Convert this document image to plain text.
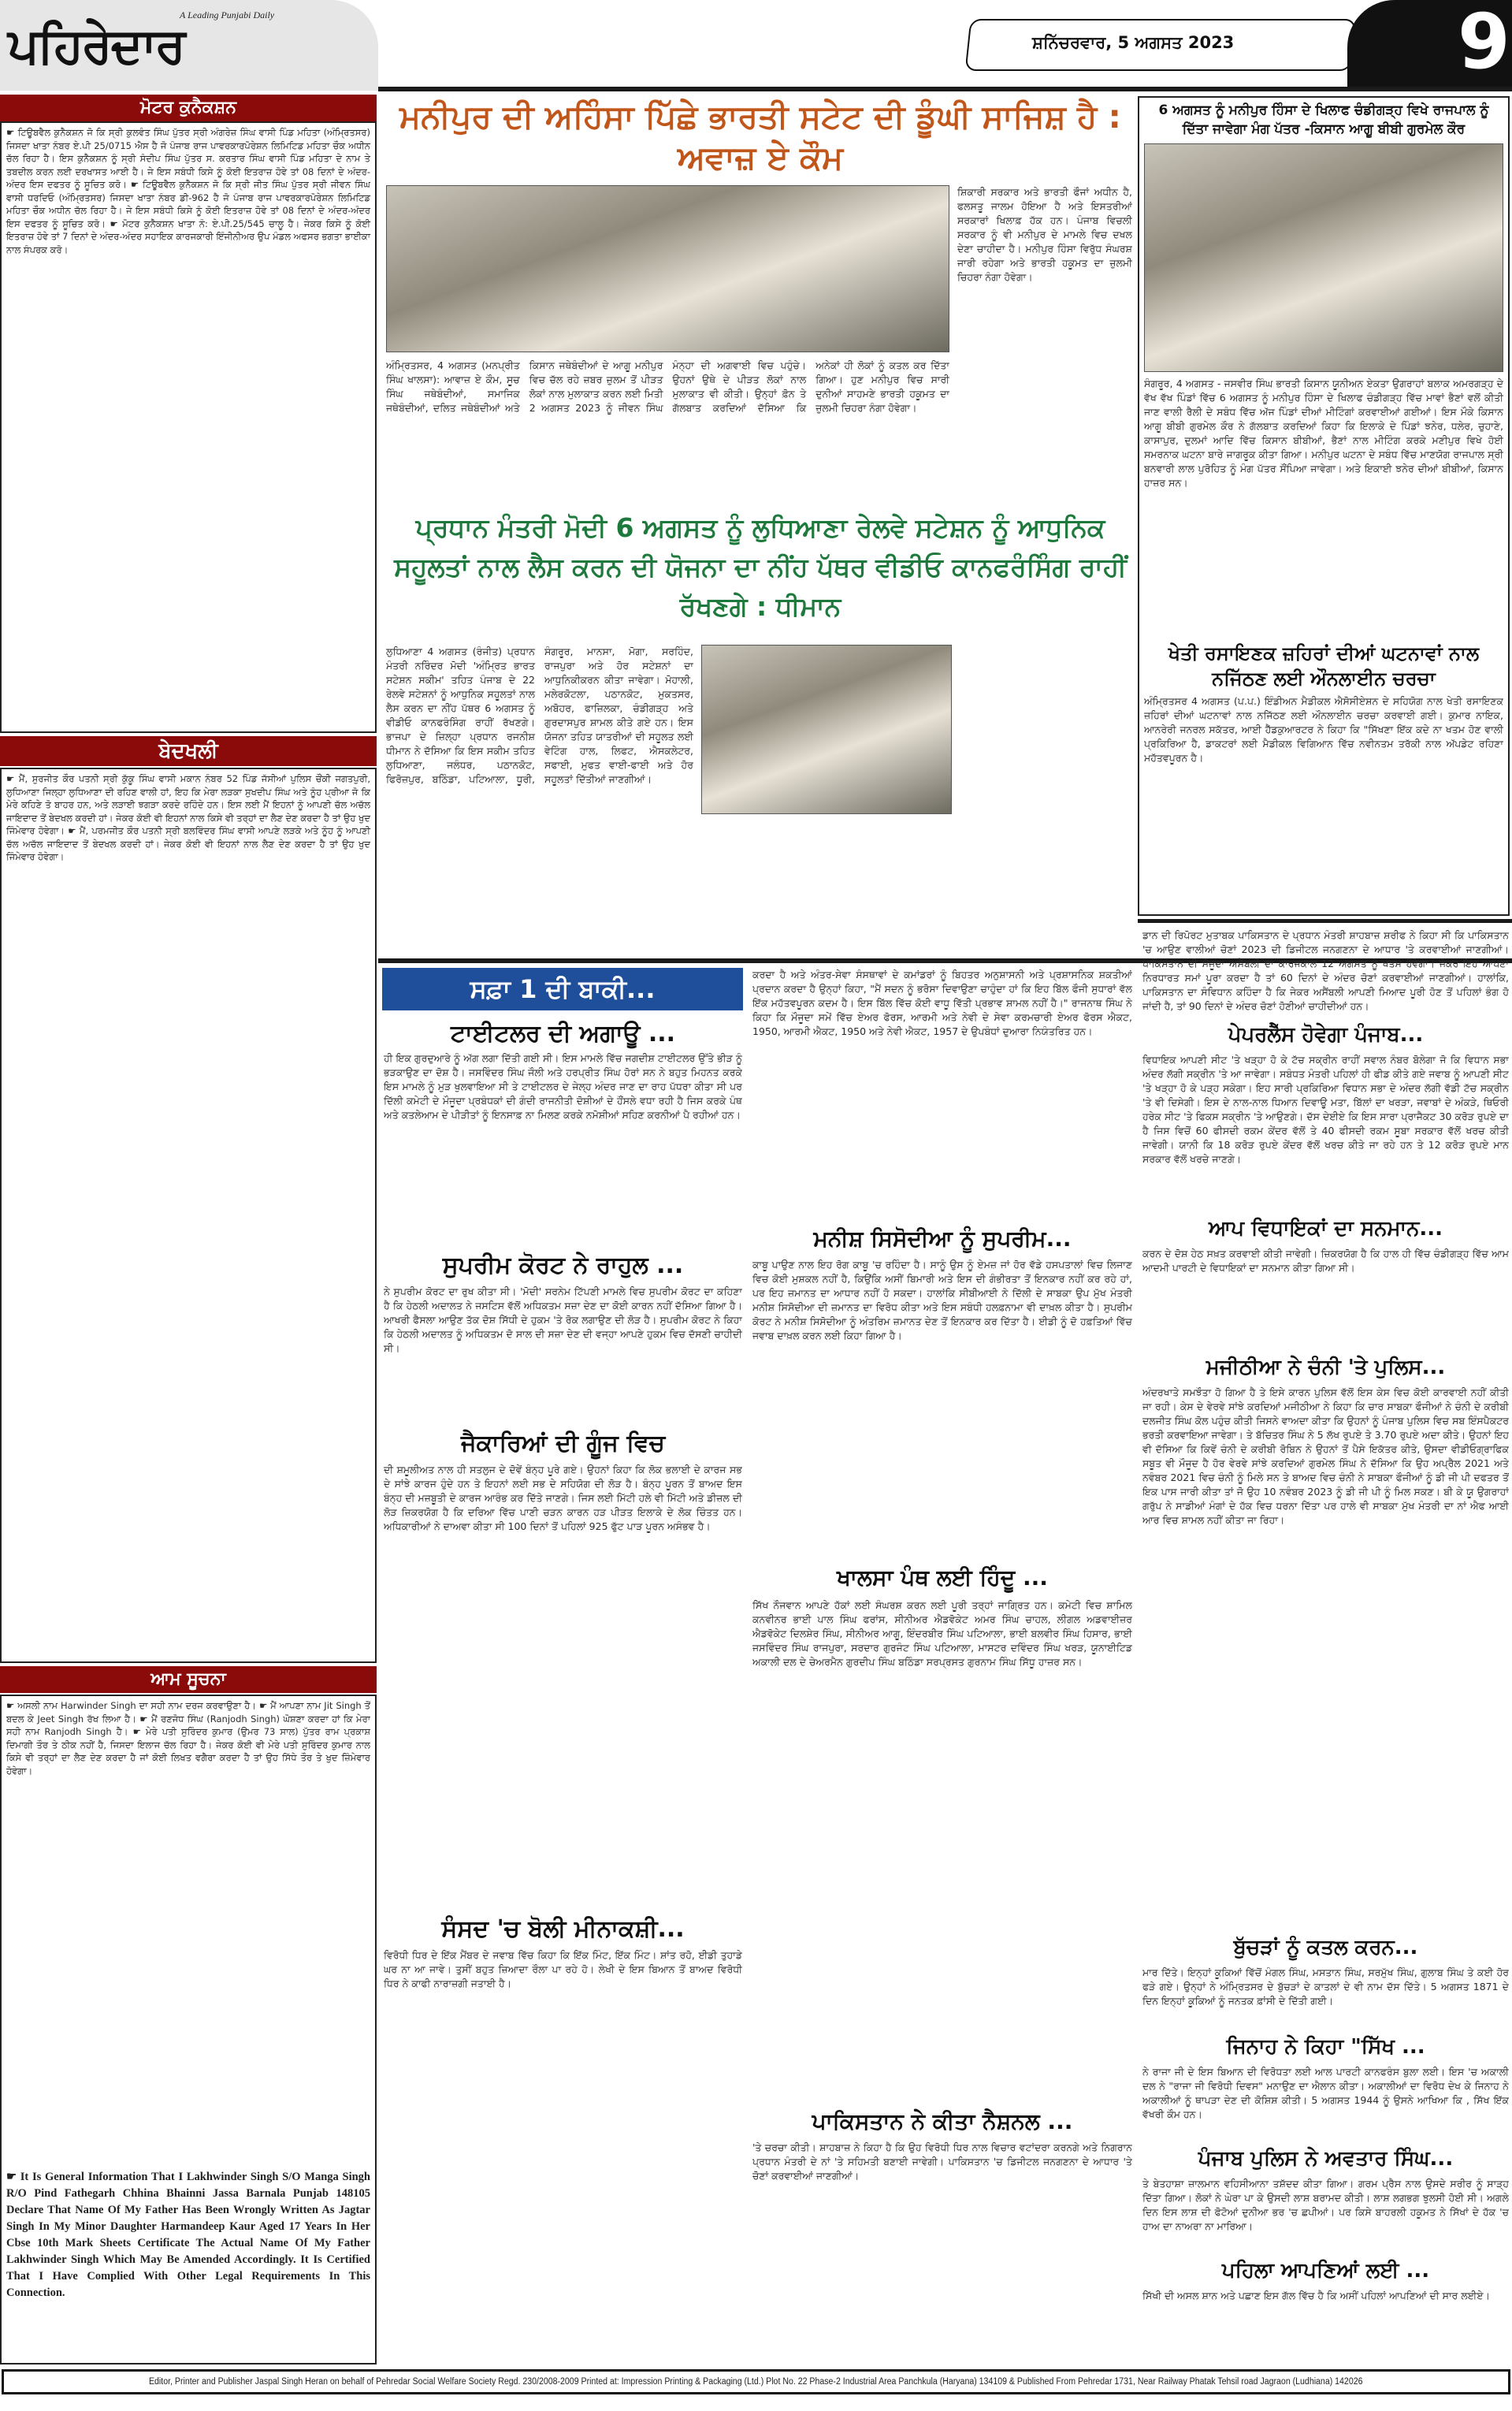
ਪਹਿਰੇਦਾਰ
A Leading Punjabi Daily
ਸ਼ਨਿੱਚਰਵਾਰ, 5 ਅਗਸਤ 2023	9
ਮੋਟਰ ਕੁਨੈਕਸ਼ਨ
☛ ਟਿਊਬਵੈਲ ਕੁਨੈਕਸ਼ਨ ਜੋ ਕਿ ਸ੍ਰੀ ਕੁਲਵੰਤ ਸਿੰਘ ਪੁੱਤਰ ਸ੍ਰੀ ਅੰਗਰੇਜ਼ ਸਿੰਘ ਵਾਸੀ ਪਿੰਡ ਮਹਿਤਾ (ਅੰਮ੍ਰਿਤਸਰ) ਜਿਸਦਾ ਖਾਤਾ ਨੰਬਰ ਏ.ਪੀ 25/0715 ਐਸ ਹੈ ਜੋ ਪੰਜਾਬ ਰਾਜ ਪਾਵਰਕਾਰਪੋਰੇਸ਼ਨ ਲਿਮਿਟਿਡ ਮਹਿਤਾ ਚੌਕ ਅਧੀਨ ਚੱਲ ਰਿਹਾ ਹੈ। ਇਸ ਕੁਨੈਕਸ਼ਨ ਨੂੰ ਸ੍ਰੀ ਸੰਦੀਪ ਸਿੰਘ ਪੁੱਤਰ ਸ. ਕਰਤਾਰ ਸਿੰਘ ਵਾਸੀ ਪਿੰਡ ਮਹਿਤਾ ਦੇ ਨਾਮ ਤੇ ਤਬਦੀਲ ਕਰਨ ਲਈ ਦਰਖਾਸਤ ਆਈ ਹੈ। ਜੇ ਇਸ ਸਬੰਧੀ ਕਿਸੇ ਨੂੰ ਕੋਈ ਇਤਰਾਜ਼ ਹੋਵੇ ਤਾਂ 08 ਦਿਨਾਂ ਦੇ ਅੰਦਰ-ਅੰਦਰ ਇਸ ਦਫਤਰ ਨੂੰ ਸੂਚਿਤ ਕਰੋ। ☛ ਟਿਊਬਵੈਲ ਕੁਨੈਕਸ਼ਨ ਜੋ ਕਿ ਸ੍ਰੀ ਜੀਤ ਸਿੰਘ ਪੁੱਤਰ ਸ੍ਰੀ ਜੀਵਨ ਸਿੰਘ ਵਾਸੀ ਧਰਦਿਓ (ਅੰਮ੍ਰਿਤਸਰ) ਜਿਸਦਾ ਖਾਤਾ ਨੰਬਰ ਡੀ-962 ਹੈ ਜੋ ਪੰਜਾਬ ਰਾਜ ਪਾਵਰਕਾਰਪੋਰੇਸ਼ਨ ਲਿਮਿਟਿਡ ਮਹਿਤਾ ਚੌਕ ਅਧੀਨ ਚੱਲ ਰਿਹਾ ਹੈ। ਜੇ ਇਸ ਸਬੰਧੀ ਕਿਸੇ ਨੂੰ ਕੋਈ ਇਤਰਾਜ਼ ਹੋਵੇ ਤਾਂ 08 ਦਿਨਾਂ ਦੇ ਅੰਦਰ-ਅੰਦਰ ਇਸ ਦਫਤਰ ਨੂੰ ਸੂਚਿਤ ਕਰੋ। ☛ ਮੋਟਰ ਕੁਨੈਕਸ਼ਨ ਖਾਤਾ ਨੰ: ਏ.ਪੀ.25/545 ਚਾਲੂ ਹੈ। ਜੇਕਰ ਕਿਸੇ ਨੂੰ ਕੋਈ ਇਤਰਾਜ਼ ਹੋਵੇ ਤਾਂ 7 ਦਿਨਾਂ ਦੇ ਅੰਦਰ-ਅੰਦਰ ਸਹਾਇਕ ਕਾਰਜਕਾਰੀ ਇੰਜੀਨੀਅਰ ਉਪ ਮੰਡਲ ਅਫਸਰ ਭਗਤਾ ਭਾਈਕਾ ਨਾਲ ਸੰਪਰਕ ਕਰੋ।
ਬੇਦਖਲੀ
☛ ਮੈਂ, ਸੁਰਜੀਤ ਕੌਰ ਪਤਨੀ ਸ੍ਰੀ ਕੁੱਕੂ ਸਿੰਘ ਵਾਸੀ ਮਕਾਨ ਨੰਬਰ 52 ਪਿੰਡ ਜੱਸੀਆਂ ਪੁਲਿਸ ਚੌਂਕੀ ਜਗਤਪੁਰੀ, ਲੁਧਿਆਣਾ ਜਿਲ੍ਹਾ ਲੁਧਿਆਣਾ ਦੀ ਰਹਿਣ ਵਾਲੀ ਹਾਂ, ਇਹ ਕਿ ਮੇਰਾ ਲੜਕਾ ਸੁਖਦੀਪ ਸਿੰਘ ਅਤੇ ਨੂੰਹ ਪ੍ਰੀਆ ਜੋ ਕਿ ਮੇਰੇ ਕਹਿਣੇ ਤੋ ਬਾਹਰ ਹਨ, ਅਤੇ ਲੜਾਈ ਝਗੜਾ ਕਰਦੇ ਰਹਿੰਦੇ ਹਨ। ਇਸ ਲਈ ਮੈਂ ਇਹਨਾਂ ਨੂੰ ਆਪਣੀ ਚੱਲ ਅਚੱਲ ਜਾਇਦਾਦ ਤੋਂ ਬੇਦਖਲ ਕਰਦੀ ਹਾਂ। ਜੇਕਰ ਕੋਈ ਵੀ ਇਹਨਾਂ ਨਾਲ ਕਿਸੇ ਵੀ ਤਰ੍ਹਾਂ ਦਾ ਲੈਣ ਦੇਣ ਕਰਦਾ ਹੈ ਤਾਂ ਉਹ ਖੁਦ ਜਿੰਮੇਵਾਰ ਹੋਵੇਗਾ। ☛ ਮੈਂ, ਪਰਮਜੀਤ ਕੌਰ ਪਤਨੀ ਸ੍ਰੀ ਬਲਵਿੰਦਰ ਸਿੰਘ ਵਾਸੀ ਆਪਣੇ ਲੜਕੇ ਅਤੇ ਨੂੰਹ ਨੂੰ ਆਪਣੀ ਚੱਲ ਅਚੱਲ ਜਾਇਦਾਦ ਤੋਂ ਬੇਦਖਲ ਕਰਦੀ ਹਾਂ। ਜੇਕਰ ਕੋਈ ਵੀ ਇਹਨਾਂ ਨਾਲ ਲੈਣ ਦੇਣ ਕਰਦਾ ਹੈ ਤਾਂ ਉਹ ਖੁਦ ਜਿੰਮੇਵਾਰ ਹੋਵੇਗਾ।
ਆਮ ਸੂਚਨਾ
☛ ਅਸਲੀ ਨਾਮ Harwinder Singh ਦਾ ਸਹੀ ਨਾਮ ਦਰਜ ਕਰਵਾਉਣਾ ਹੈ। ☛ ਮੈਂ ਆਪਣਾ ਨਾਮ Jit Singh ਤੋਂ ਬਦਲ ਕੇ Jeet Singh ਰੱਖ ਲਿਆ ਹੈ। ☛ ਮੈਂ ਰਣਜੋਧ ਸਿੰਘ (Ranjodh Singh) ਘੋਸ਼ਣਾ ਕਰਦਾ ਹਾਂ ਕਿ ਮੇਰਾ ਸਹੀ ਨਾਮ Ranjodh Singh ਹੈ। ☛ ਮੇਰੇ ਪਤੀ ਸੁਰਿੰਦਰ ਕੁਮਾਰ (ਉਮਰ 73 ਸਾਲ) ਪੁੱਤਰ ਰਾਮ ਪ੍ਰਕਾਸ਼ ਦਿਮਾਗੀ ਤੌਰ ਤੇ ਠੀਕ ਨਹੀਂ ਹੈ, ਜਿਸਦਾ ਇਲਾਜ ਚੱਲ ਰਿਹਾ ਹੈ। ਜੇਕਰ ਕੋਈ ਵੀ ਮੇਰੇ ਪਤੀ ਸੁਰਿੰਦਰ ਕੁਮਾਰ ਨਾਲ ਕਿਸੇ ਵੀ ਤਰ੍ਹਾਂ ਦਾ ਲੈਣ ਦੇਣ ਕਰਦਾ ਹੈ ਜਾਂ ਕੋਈ ਲਿਖਤ ਵਗੈਰਾ ਕਰਦਾ ਹੈ ਤਾਂ ਉਹ ਸਿੱਧੇ ਤੌਰ ਤੇ ਖੁਦ ਜ਼ਿੰਮੇਵਾਰ ਹੋਵੇਗਾ।
☛ It Is General Information That I Lakhwinder Singh S/O Manga Singh R/O Pind Fathegarh Chhina Bhainni Jassa Barnala Punjab 148105 Declare That Name Of My Father Has Been Wrongly Written As Jagtar Singh In My Minor Daughter Harmandeep Kaur Aged 17 Years In Her Cbse 10th Mark Sheets Certificate The Actual Name Of My Father Lakhwinder Singh Which May Be Amended Accordingly. It Is Certified That I Have Complied With Other Legal Requirements In This Connection.
ਮਨੀਪੁਰ ਦੀ ਅਹਿੰਸਾ ਪਿੱਛੇ ਭਾਰਤੀ ਸਟੇਟ ਦੀ ਡੂੰਘੀ ਸਾਜਿਸ਼ ਹੈ : ਅਵਾਜ਼ ਏ ਕੌਮ
ਅੰਮ੍ਰਿਤਸਰ, 4 ਅਗਸਤ (ਮਨਪ੍ਰੀਤ ਸਿੰਘ ਖਾਲਸਾ): ਆਵਾਜ਼ ਏ ਕੌਮ, ਸੂਚ ਸਿੰਘ ਜਥੇਬੰਦੀਆਂ, ਸਮਾਜਿਕ ਜਥੇਬੰਦੀਆਂ, ਦਲਿਤ ਜਥੇਬੰਦੀਆਂ ਅਤੇ ਕਿਸਾਨ ਜਥੇਬੰਦੀਆਂ ਦੇ ਆਗੂ ਮਨੀਪੁਰ ਵਿਚ ਚੱਲ ਰਹੇ ਜ਼ਬਰ ਜ਼ੁਲਮ ਤੋਂ ਪੀੜਤ ਲੋਕਾਂ ਨਾਲ ਮੁਲਾਕਾਤ ਕਰਨ ਲਈ ਮਿਤੀ 2 ਅਗਸਤ 2023 ਨੂੰ ਜੀਵਨ ਸਿੰਘ ਮੰਨ੍ਹਾ ਦੀ ਅਗਵਾਈ ਵਿਚ ਪਹੁੰਚੇ। ਉਹਨਾਂ ਉਥੇ ਦੇ ਪੀੜਤ ਲੋਕਾਂ ਨਾਲ ਮੁਲਾਕਾਤ ਵੀ ਕੀਤੀ। ਉਨ੍ਹਾਂ ਫ਼ੋਨ ਤੇ ਗੱਲਬਾਤ ਕਰਦਿਆਂ ਦੱਸਿਆ ਕਿ ਅਨੇਕਾਂ ਹੀ ਲੋਕਾਂ ਨੂੰ ਕਤਲ ਕਰ ਦਿੱਤਾ ਗਿਆ। ਹੁਣ ਮਨੀਪੁਰ ਵਿਚ ਸਾਰੀ ਦੁਨੀਆਂ ਸਾਹਮਣੇ ਭਾਰਤੀ ਹਕੂਮਤ ਦਾ ਜ਼ੁਲਮੀ ਚਿਹਰਾ ਨੰਗਾ ਹੋਵੇਗਾ।
ਸ਼ਿਕਾਰੀ ਸਰਕਾਰ ਅਤੇ ਭਾਰਤੀ ਫੌਜਾਂ ਅਧੀਨ ਹੈ, ਫਲਸਤੂ ਜਾਲਮ ਹੋਇਆ ਹੈ ਅਤੇ ਇਸਤਰੀਆਂ ਸਰਕਾਰਾਂ ਖਿਲਾਫ਼ ਹੱਕ ਹਨ। ਪੰਜਾਬ ਵਿਚਲੀ ਸਰਕਾਰ ਨੂੰ ਵੀ ਮਨੀਪੁਰ ਦੇ ਮਾਮਲੇ ਵਿਚ ਦਖਲ ਦੇਣਾ ਚਾਹੀਦਾ ਹੈ। ਮਨੀਪੁਰ ਹਿੰਸਾ ਵਿਰੁੱਧ ਸੰਘਰਸ਼ ਜਾਰੀ ਰਹੇਗਾ ਅਤੇ ਭਾਰਤੀ ਹਕੂਮਤ ਦਾ ਜ਼ੁਲਮੀ ਚਿਹਰਾ ਨੰਗਾ ਹੋਵੇਗਾ।
ਪ੍ਰਧਾਨ ਮੰਤਰੀ ਮੋਦੀ 6 ਅਗਸਤ ਨੂੰ ਲੁਧਿਆਣਾ ਰੇਲਵੇ ਸਟੇਸ਼ਨ ਨੂੰ ਆਧੁਨਿਕ ਸਹੂਲਤਾਂ ਨਾਲ ਲੈਸ ਕਰਨ ਦੀ ਯੋਜਨਾ ਦਾ ਨੀਂਹ ਪੱਥਰ ਵੀਡੀਓ ਕਾਨਫਰੰਸਿੰਗ ਰਾਹੀਂ ਰੱਖਣਗੇ : ਧੀਮਾਨ
ਲੁਧਿਆਣਾ 4 ਅਗਸਤ (ਰੰਜੀਤ) ਪ੍ਰਧਾਨ ਮੰਤਰੀ ਨਰਿੰਦਰ ਮੋਦੀ 'ਅੰਮ੍ਰਿਤ ਭਾਰਤ ਸਟੇਸ਼ਨ ਸਕੀਮ' ਤਹਿਤ ਪੰਜਾਬ ਦੇ 22 ਰੇਲਵੇ ਸਟੇਸ਼ਨਾਂ ਨੂੰ ਆਧੁਨਿਕ ਸਹੂਲਤਾਂ ਨਾਲ ਲੈਸ ਕਰਨ ਦਾ ਨੀਂਹ ਪੱਥਰ 6 ਅਗਸਤ ਨੂੰ ਵੀਡੀਓ ਕਾਨਫਰੰਸਿੰਗ ਰਾਹੀਂ ਰੱਖਣਗੇ। ਭਾਜਪਾ ਦੇ ਜ਼ਿਲ੍ਹਾ ਪ੍ਰਧਾਨ ਰਜਨੀਸ਼ ਧੀਮਾਨ ਨੇ ਦੱਸਿਆ ਕਿ ਇਸ ਸਕੀਮ ਤਹਿਤ ਲੁਧਿਆਣਾ, ਜਲੰਧਰ, ਪਠਾਨਕੋਟ, ਫਿਰੋਜ਼ਪੁਰ, ਬਠਿੰਡਾ, ਪਟਿਆਲਾ, ਧੂਰੀ, ਸੰਗਰੂਰ, ਮਾਨਸਾ, ਮੋਗਾ, ਸਰਹਿੰਦ, ਰਾਜਪੁਰਾ ਅਤੇ ਹੋਰ ਸਟੇਸ਼ਨਾਂ ਦਾ ਆਧੁਨਿਕੀਕਰਨ ਕੀਤਾ ਜਾਵੇਗਾ। ਮੋਹਾਲੀ, ਮਲੇਰਕੋਟਲਾ, ਪਠਾਨਕੋਟ, ਮੁਕਤਸਰ, ਅਬੋਹਰ, ਫਾਜ਼ਿਲਕਾ, ਚੰਡੀਗੜ੍ਹ ਅਤੇ ਗੁਰਦਾਸਪੁਰ ਸ਼ਾਮਲ ਕੀਤੇ ਗਏ ਹਨ। ਇਸ ਯੋਜਨਾ ਤਹਿਤ ਯਾਤਰੀਆਂ ਦੀ ਸਹੂਲਤ ਲਈ ਵੇਟਿੰਗ ਹਾਲ, ਲਿਫਟ, ਐਸਕਲੇਟਰ, ਸਫਾਈ, ਮੁਫਤ ਵਾਈ-ਫਾਈ ਅਤੇ ਹੋਰ ਸਹੂਲਤਾਂ ਦਿੱਤੀਆਂ ਜਾਣਗੀਆਂ।
ਸਫ਼ਾ 1 ਦੀ ਬਾਕੀ...
ਟਾਈਟਲਰ ਦੀ ਅਗਾਊ ...
ਹੀ ਇਕ ਗੁਰਦੁਆਰੇ ਨੂੰ ਅੱਗ ਲਗਾ ਦਿੱਤੀ ਗਈ ਸੀ। ਇਸ ਮਾਮਲੇ ਵਿੱਚ ਜਗਦੀਸ਼ ਟਾਈਟਲਰ ਉੱਤੇ ਭੀੜ ਨੂੰ ਭੜਕਾਉਣ ਦਾ ਦੋਸ਼ ਹੈ। ਜਸਵਿੰਦਰ ਸਿੰਘ ਜੌਲੀ ਅਤੇ ਹਰਪ੍ਰੀਤ ਸਿੰਘ ਹੋਰਾਂ ਸਨ ਨੇ ਬਹੁਤ ਮਿਹਨਤ ਕਰਕੇ ਇਸ ਮਾਮਲੇ ਨੂੰ ਮੁੜ ਖੁਲਵਾਇਆ ਸੀ ਤੇ ਟਾਈਟਲਰ ਦੇ ਜੇਲ੍ਹ ਅੰਦਰ ਜਾਣ ਦਾ ਰਾਹ ਪੱਧਰਾ ਕੀਤਾ ਸੀ ਪਰ ਦਿੱਲੀ ਕਮੇਟੀ ਦੇ ਮੌਜੂਦਾ ਪ੍ਰਬੰਧਕਾਂ ਦੀ ਗੰਦੀ ਰਾਜਨੀਤੀ ਦੋਸ਼ੀਆਂ ਦੇ ਹੌਂਸਲੇ ਵਧਾ ਰਹੀ ਹੈ ਜਿਸ ਕਰਕੇ ਪੰਥ ਅਤੇ ਕਤਲੇਆਮ ਦੇ ਪੀੜੀਤਾਂ ਨੂੰ ਇਨਸਾਫ਼ ਨਾ ਮਿਲਣ ਕਰਕੇ ਨਮੋਸ਼ੀਆਂ ਸਹਿਣ ਕਰਨੀਆਂ ਪੈ ਰਹੀਆਂ ਹਨ।
ਸੁਪਰੀਮ ਕੋਰਟ ਨੇ ਰਾਹੁਲ ...
ਨੇ ਸੁਪਰੀਮ ਕੋਰਟ ਦਾ ਰੁਖ ਕੀਤਾ ਸੀ। 'ਮੋਦੀ' ਸਰਨੇਮ ਟਿੱਪਣੀ ਮਾਮਲੇ ਵਿਚ ਸੁਪਰੀਮ ਕੋਰਟ ਦਾ ਕਹਿਣਾ ਹੈ ਕਿ ਹੇਠਲੀ ਅਦਾਲਤ ਨੇ ਜਸਟਿਸ ਵੱਲੋਂ ਅਧਿਕਤਮ ਸਜ਼ਾ ਦੇਣ ਦਾ ਕੋਈ ਕਾਰਨ ਨਹੀਂ ਦੱਸਿਆ ਗਿਆ ਹੈ। ਆਖਰੀ ਫੈਸਲਾ ਆਉਣ ਤੱਕ ਦੋਸ਼ ਸਿੱਧੀ ਦੇ ਹੁਕਮ 'ਤੇ ਰੋਕ ਲਗਾਉਣ ਦੀ ਲੋੜ ਹੈ। ਸੁਪਰੀਮ ਕੋਰਟ ਨੇ ਕਿਹਾ ਕਿ ਹੇਠਲੀ ਅਦਾਲਤ ਨੂੰ ਅਧਿਕਤਮ ਦੋ ਸਾਲ ਦੀ ਸਜ਼ਾ ਦੇਣ ਦੀ ਵਜ੍ਹਾ ਆਪਣੇ ਹੁਕਮ ਵਿਚ ਦੱਸਣੀ ਚਾਹੀਦੀ ਸੀ।
ਜੈਕਾਰਿਆਂ ਦੀ ਗੂੰਜ ਵਿਚ
ਦੀ ਸ਼ਮੂਲੀਅਤ ਨਾਲ ਹੀ ਸਤਲੁਜ ਦੇ ਦੋਵੇਂ ਬੰਨ੍ਹ ਪੂਰੇ ਗਏ। ਉਹਨਾਂ ਕਿਹਾ ਕਿ ਲੋਕ ਭਲਾਈ ਦੇ ਕਾਰਜ ਸਭ ਦੇ ਸਾਂਝੇ ਕਾਰਜ ਹੁੰਦੇ ਹਨ ਤੇ ਇਹਨਾਂ ਲਈ ਸਭ ਦੇ ਸਹਿਯੋਗ ਦੀ ਲੋੜ ਹੈ। ਬੰਨ੍ਹ ਪੂਰਨ ਤੋਂ ਬਾਅਦ ਇਸ ਬੰਨ੍ਹ ਦੀ ਮਜ਼ਬੂਤੀ ਦੇ ਕਾਰਜ ਆਰੰਭ ਕਰ ਦਿੱਤੇ ਜਾਣਗੇ। ਜਿਸ ਲਈ ਮਿੱਟੀ ਹਲੇ ਵੀ ਮਿੱਟੀ ਅਤੇ ਡੀਜ਼ਲ ਦੀ ਲੋੜ ਜ਼ਿਕਰਯੋਗ ਹੈ ਕਿ ਦਰਿਆ ਵਿੱਚ ਪਾਣੀ ਚੜਨ ਕਾਰਨ ਹੜ ਪੀੜਤ ਇਲਾਕੇ ਦੇ ਲੋਕ ਚਿੰਤਤ ਹਨ। ਅਧਿਕਾਰੀਆਂ ਨੇ ਦਾਅਵਾ ਕੀਤਾ ਸੀ 100 ਦਿਨਾਂ ਤੋਂ ਪਹਿਲਾਂ 925 ਫੁੱਟ ਪਾੜ ਪੂਰਨ ਅਸੰਭਵ ਹੈ।
ਸੰਸਦ 'ਚ ਬੋਲੀ ਮੀਨਾਕਸ਼ੀ...
ਵਿਰੋਧੀ ਧਿਰ ਦੇ ਇੱਕ ਮੈਂਬਰ ਦੇ ਜਵਾਬ ਵਿੱਚ ਕਿਹਾ ਕਿ ਇੱਕ ਮਿੰਟ, ਇੱਕ ਮਿੰਟ। ਸ਼ਾਂਤ ਰਹੋ, ਈਡੀ ਤੁਹਾਡੇ ਘਰ ਨਾ ਆ ਜਾਵੇ। ਤੁਸੀਂ ਬਹੁਤ ਜ਼ਿਆਦਾ ਰੌਲਾ ਪਾ ਰਹੇ ਹੋ। ਲੇਖੀ ਦੇ ਇਸ ਬਿਆਨ ਤੋਂ ਬਾਅਦ ਵਿਰੋਧੀ ਧਿਰ ਨੇ ਕਾਫੀ ਨਾਰਾਜ਼ਗੀ ਜਤਾਈ ਹੈ।
ਕਰਦਾ ਹੈ ਅਤੇ ਅੰਤਰ-ਸੇਵਾ ਸੰਸਥਾਵਾਂ ਦੇ ਕਮਾਂਡਰਾਂ ਨੂੰ ਬਿਹਤਰ ਅਨੁਸ਼ਾਸਨੀ ਅਤੇ ਪ੍ਰਸ਼ਾਸਨਿਕ ਸ਼ਕਤੀਆਂ ਪ੍ਰਦਾਨ ਕਰਦਾ ਹੈ ਉਨ੍ਹਾਂ ਕਿਹਾ, "ਮੈਂ ਸਦਨ ਨੂੰ ਭਰੋਸਾ ਦਿਵਾਉਣਾ ਚਾਹੁੰਦਾ ਹਾਂ ਕਿ ਇਹ ਬਿੱਲ ਫੌਜੀ ਸੁਧਾਰਾਂ ਵੱਲ ਇੱਕ ਮਹੱਤਵਪੂਰਨ ਕਦਮ ਹੈ। ਇਸ ਬਿੱਲ ਵਿੱਚ ਕੋਈ ਵਾਧੂ ਵਿੱਤੀ ਪ੍ਰਭਾਵ ਸ਼ਾਮਲ ਨਹੀਂ ਹੈ।" ਰਾਜਨਾਥ ਸਿੰਘ ਨੇ ਕਿਹਾ ਕਿ ਮੌਜੂਦਾ ਸਮੇਂ ਵਿੱਚ ਏਅਰ ਫੋਰਸ, ਆਰਮੀ ਅਤੇ ਨੇਵੀ ਦੇ ਸੇਵਾ ਕਰਮਚਾਰੀ ਏਅਰ ਫੋਰਸ ਐਕਟ, 1950, ਆਰਮੀ ਐਕਟ, 1950 ਅਤੇ ਨੇਵੀ ਐਕਟ, 1957 ਦੇ ਉਪਬੰਧਾਂ ਦੁਆਰਾ ਨਿਯੰਤਰਿਤ ਹਨ।
ਮਨੀਸ਼ ਸਿਸੋਦੀਆ ਨੂੰ ਸੁਪਰੀਮ...
ਕਾਬੂ ਪਾਉਣ ਨਾਲ ਇਹ ਰੋਗ ਕਾਬੂ 'ਚ ਰਹਿੰਦਾ ਹੈ। ਸਾਨੂੰ ਉਸ ਨੂੰ ਏਮਜ਼ ਜਾਂ ਹੋਰ ਵੱਡੇ ਹਸਪਤਾਲਾਂ ਵਿਚ ਲਿਜਾਣ ਵਿਚ ਕੋਈ ਮੁਸ਼ਕਲ ਨਹੀਂ ਹੈ, ਕਿਉਂਕਿ ਅਸੀਂ ਬਿਮਾਰੀ ਅਤੇ ਇਸ ਦੀ ਗੰਭੀਰਤਾ ਤੋਂ ਇਨਕਾਰ ਨਹੀਂ ਕਰ ਰਹੇ ਹਾਂ, ਪਰ ਇਹ ਜ਼ਮਾਨਤ ਦਾ ਆਧਾਰ ਨਹੀਂ ਹੋ ਸਕਦਾ। ਹਾਲਾਂਕਿ ਸੀਬੀਆਈ ਨੇ ਦਿੱਲੀ ਦੇ ਸਾਬਕਾ ਉਪ ਮੁੱਖ ਮੰਤਰੀ ਮਨੀਸ਼ ਸਿਸੋਦੀਆ ਦੀ ਜ਼ਮਾਨਤ ਦਾ ਵਿਰੋਧ ਕੀਤਾ ਅਤੇ ਇਸ ਸਬੰਧੀ ਹਲਫ਼ਨਾਮਾ ਵੀ ਦਾਖ਼ਲ ਕੀਤਾ ਹੈ। ਸੁਪਰੀਮ ਕੋਰਟ ਨੇ ਮਨੀਸ਼ ਸਿਸੋਦੀਆ ਨੂੰ ਅੰਤਰਿਮ ਜ਼ਮਾਨਤ ਦੇਣ ਤੋਂ ਇਨਕਾਰ ਕਰ ਦਿੱਤਾ ਹੈ। ਈਡੀ ਨੂੰ ਦੋ ਹਫ਼ਤਿਆਂ ਵਿੱਚ ਜਵਾਬ ਦਾਖ਼ਲ ਕਰਨ ਲਈ ਕਿਹਾ ਗਿਆ ਹੈ।
ਖਾਲਸਾ ਪੰਥ ਲਈ ਹਿੰਦੂ ...
ਸਿੱਖ ਨੌਜਵਾਨ ਆਪਣੇ ਹੱਕਾਂ ਲਈ ਸੰਘਰਸ਼ ਕਰਨ ਲਈ ਪੂਰੀ ਤਰ੍ਹਾਂ ਜਾਗ੍ਰਿਤ ਹਨ। ਕਮੇਟੀ ਵਿਚ ਸ਼ਾਮਿਲ ਕਨਵੀਨਰ ਭਾਈ ਪਾਲ ਸਿੰਘ ਫਰਾਂਸ, ਸੀਨੀਅਰ ਐਡਵੋਕੇਟ ਅਮਰ ਸਿੰਘ ਚਾਹਲ, ਲੀਗਲ ਅਡਵਾਈਜ਼ਰ ਐਡਵੋਕੇਟ ਦਿਲਸ਼ੇਰ ਸਿੰਘ, ਸੀਨੀਅਰ ਆਗੂ, ਇੰਦਰਬੀਰ ਸਿੰਘ ਪਟਿਆਲਾ, ਭਾਈ ਬਲਵੀਰ ਸਿੰਘ ਹਿਸਾਰ, ਭਾਈ ਜਸਵਿੰਦਰ ਸਿੰਘ ਰਾਜਪੁਰਾ, ਸਰਦਾਰ ਗੁਰਜੰਟ ਸਿੰਘ ਪਟਿਆਲਾ, ਮਾਸਟਰ ਦਵਿੰਦਰ ਸਿੰਘ ਖਰੜ, ਯੂਨਾਈਟਿਡ ਅਕਾਲੀ ਦਲ ਦੇ ਚੇਅਰਮੈਨ ਗੁਰਦੀਪ ਸਿੰਘ ਬਠਿੰਡਾ ਸਰਪ੍ਰਸਤ ਗੁਰਨਾਮ ਸਿੰਘ ਸਿੱਧੂ ਹਾਜ਼ਰ ਸਨ।
ਪਾਕਿਸਤਾਨ ਨੇ ਕੀਤਾ ਨੈਸ਼ਨਲ ...
'ਤੇ ਚਰਚਾ ਕੀਤੀ। ਸ਼ਾਹਬਾਜ਼ ਨੇ ਕਿਹਾ ਹੈ ਕਿ ਉਹ ਵਿਰੋਧੀ ਧਿਰ ਨਾਲ ਵਿਚਾਰ ਵਟਾਂਦਰਾ ਕਰਨਗੇ ਅਤੇ ਨਿਗਰਾਨ ਪ੍ਰਧਾਨ ਮੰਤਰੀ ਦੇ ਨਾਂ 'ਤੇ ਸਹਿਮਤੀ ਬਣਾਈ ਜਾਵੇਗੀ। ਪਾਕਿਸਤਾਨ 'ਚ ਡਿਜੀਟਲ ਜਨਗਣਨਾ ਦੇ ਆਧਾਰ 'ਤੇ ਚੋਣਾਂ ਕਰਵਾਈਆਂ ਜਾਣਗੀਆਂ।
6 ਅਗਸਤ ਨੂੰ ਮਨੀਪੁਰ ਹਿੰਸਾ ਦੇ ਖਿਲਾਫ ਚੰਡੀਗੜ੍ਹ ਵਿਖੇ ਰਾਜਪਾਲ ਨੂੰ ਦਿੱਤਾ ਜਾਵੇਗਾ ਮੰਗ ਪੱਤਰ -ਕਿਸਾਨ ਆਗੂ ਬੀਬੀ ਗੁਰਮੇਲ ਕੌਰ
ਸੰਗਰੂਰ, 4 ਅਗਸਤ - ਜਸਵੀਰ ਸਿੰਘ ਭਾਰਤੀ ਕਿਸਾਨ ਯੂਨੀਅਨ ਏਕਤਾ ਉਗਰਾਹਾਂ ਬਲਾਕ ਅਮਰਗੜ੍ਹ ਦੇ ਵੱਖ ਵੱਖ ਪਿੰਡਾਂ ਵਿੱਚ 6 ਅਗਸਤ ਨੂੰ ਮਨੀਪੁਰ ਹਿੰਸਾ ਦੇ ਖਿਲਾਫ ਚੰਡੀਗੜ੍ਹ ਵਿੱਚ ਮਾਵਾਂ ਭੈਣਾਂ ਵਲੋਂ ਕੀਤੀ ਜਾਣ ਵਾਲੀ ਰੈਲੀ ਦੇ ਸਬੰਧ ਵਿੱਚ ਅੱਜ ਪਿੰਡਾਂ ਦੀਆਂ ਮੀਟਿੰਗਾਂ ਕਰਵਾਈਆਂ ਗਈਆਂ। ਇਸ ਮੌਕੇ ਕਿਸਾਨ ਆਗੂ ਬੀਬੀ ਗੁਰਮੇਲ ਕੌਰ ਨੇ ਗੱਲਬਾਤ ਕਰਦਿਆਂ ਕਿਹਾ ਕਿ ਇਲਾਕੇ ਦੇ ਪਿੰਡਾਂ ਝਨੇਰ, ਧਲੇਰ, ਚੁਹਾਣੇ, ਕਾਸਾਪੁਰ, ਦੁਲਮਾਂ ਆਦਿ ਵਿੱਚ ਕਿਸਾਨ ਬੀਬੀਆਂ, ਭੈਣਾਂ ਨਾਲ ਮੀਟਿੰਗ ਕਰਕੇ ਮਣੀਪੁਰ ਵਿਖੇ ਹੋਈ ਸਮਰਨਾਕ ਘਟਨਾ ਬਾਰੇ ਜਾਗਰੂਕ ਕੀਤਾ ਗਿਆ। ਮਨੀਪੁਰ ਘਟਨਾ ਦੇ ਸਬੰਧ ਵਿੱਚ ਮਾਣਯੋਗ ਰਾਜਪਾਲ ਸ੍ਰੀ ਬਨਵਾਰੀ ਲਾਲ ਪੁਰੋਹਿਤ ਨੂੰ ਮੰਗ ਪੱਤਰ ਸੌਂਪਿਆ ਜਾਵੇਗਾ। ਅਤੇ ਇਕਾਈ ਝਨੇਰ ਦੀਆਂ ਬੀਬੀਆਂ, ਕਿਸਾਨ ਹਾਜ਼ਰ ਸਨ।
ਖੇਤੀ ਰਸਾਇਣਕ ਜ਼ਹਿਰਾਂ ਦੀਆਂ ਘਟਨਾਵਾਂ ਨਾਲ ਨਜਿੱਠਣ ਲਈ ਔਨਲਾਈਨ ਚਰਚਾ
ਅੰਮ੍ਰਿਤਸਰ 4 ਅਗਸਤ (ਪ.ਪ.) ਇੰਡੀਅਨ ਮੈਡੀਕਲ ਐਸੋਸੀਏਸ਼ਨ ਦੇ ਸਹਿਯੋਗ ਨਾਲ ਖੇਤੀ ਰਸਾਇਣਕ ਜ਼ਹਿਰਾਂ ਦੀਆਂ ਘਟਨਾਵਾਂ ਨਾਲ ਨਜਿੱਠਣ ਲਈ ਔਨਲਾਈਨ ਚਰਚਾ ਕਰਵਾਈ ਗਈ। ਕੁਮਾਰ ਨਾਇਕ, ਆਨਰੇਰੀ ਜਨਰਲ ਸਕੱਤਰ, ਆਈ ਹੈੱਡਕੁਆਰਟਰ ਨੇ ਕਿਹਾ ਕਿ "ਸਿੱਖਣਾ ਇੱਕ ਕਦੇ ਨਾ ਖਤਮ ਹੋਣ ਵਾਲੀ ਪ੍ਰਕਿਰਿਆ ਹੈ, ਡਾਕਟਰਾਂ ਲਈ ਮੈਡੀਕਲ ਵਿਗਿਆਨ ਵਿੱਚ ਨਵੀਨਤਮ ਤਰੱਕੀ ਨਾਲ ਅੱਪਡੇਟ ਰਹਿਣਾ ਮਹੱਤਵਪੂਰਨ ਹੈ।
ਡਾਨ ਦੀ ਰਿਪੋਰਟ ਮੁਤਾਬਕ ਪਾਕਿਸਤਾਨ ਦੇ ਪ੍ਰਧਾਨ ਮੰਤਰੀ ਸ਼ਾਹਬਾਜ਼ ਸ਼ਰੀਫ ਨੇ ਕਿਹਾ ਸੀ ਕਿ ਪਾਕਿਸਤਾਨ 'ਚ ਆਉਣ ਵਾਲੀਆਂ ਚੋਣਾਂ 2023 ਦੀ ਡਿਜੀਟਲ ਜਨਗਣਨਾ ਦੇ ਆਧਾਰ 'ਤੇ ਕਰਵਾਈਆਂ ਜਾਣਗੀਆਂ। ਪਾਕਿਸਤਾਨ ਦੀ ਮੌਜੂਦਾ ਅਸੈਂਬਲੀ ਦਾ ਕਾਰਜਕਾਲ 12 ਅਗਸਤ ਨੂੰ ਖਤਮ ਹੋਵੇਗਾ। ਜੇਕਰ ਇਹ ਆਪਣਾ ਨਿਰਧਾਰਤ ਸਮਾਂ ਪੂਰਾ ਕਰਦਾ ਹੈ ਤਾਂ 60 ਦਿਨਾਂ ਦੇ ਅੰਦਰ ਚੋਣਾਂ ਕਰਵਾਈਆਂ ਜਾਣਗੀਆਂ। ਹਾਲਾਂਕਿ, ਪਾਕਿਸਤਾਨ ਦਾ ਸੰਵਿਧਾਨ ਕਹਿੰਦਾ ਹੈ ਕਿ ਜੇਕਰ ਅਸੈਂਬਲੀ ਆਪਣੀ ਮਿਆਦ ਪੂਰੀ ਹੋਣ ਤੋਂ ਪਹਿਲਾਂ ਭੰਗ ਹੋ ਜਾਂਦੀ ਹੈ, ਤਾਂ 90 ਦਿਨਾਂ ਦੇ ਅੰਦਰ ਚੋਣਾਂ ਹੋਣੀਆਂ ਚਾਹੀਦੀਆਂ ਹਨ।
ਪੇਪਰਲੈੱਸ ਹੋਵੇਗਾ ਪੰਜਾਬ...
ਵਿਧਾਇਕ ਆਪਣੀ ਸੀਟ 'ਤੇ ਖੜ੍ਹਾ ਹੋ ਕੇ ਟੱਚ ਸਕ੍ਰੀਨ ਰਾਹੀਂ ਸਵਾਲ ਨੰਬਰ ਬੋਲੇਗਾ ਜੋ ਕਿ ਵਿਧਾਨ ਸਭਾ ਅੰਦਰ ਲੱਗੀ ਸਕ੍ਰੀਨ 'ਤੇ ਆ ਜਾਵੇਗਾ। ਸਬੰਧਤ ਮੰਤਰੀ ਪਹਿਲਾਂ ਹੀ ਫੀਡ ਕੀਤੇ ਗਏ ਜਵਾਬ ਨੂੰ ਆਪਣੀ ਸੀਟ 'ਤੇ ਖੜ੍ਹਾ ਹੋ ਕੇ ਪੜ੍ਹ ਸਕੇਗਾ। ਇਹ ਸਾਰੀ ਪ੍ਰਕਿਰਿਆ ਵਿਧਾਨ ਸਭਾ ਦੇ ਅੰਦਰ ਲੱਗੀ ਵੱਡੀ ਟੱਚ ਸਕ੍ਰੀਨ 'ਤੇ ਵੀ ਦਿਸੇਗੀ। ਇਸ ਦੇ ਨਾਲ-ਨਾਲ ਧਿਆਨ ਦਿਵਾਊ ਮਤਾ, ਬਿੱਲਾਂ ਦਾ ਖਰੜਾ, ਜਵਾਬਾਂ ਦੇ ਅੰਕੜੇ, ਥਿਓਰੀ ਹਰੇਕ ਸੀਟ 'ਤੇ ਫਿਕਸ ਸਕ੍ਰੀਨ 'ਤੇ ਆਉਣਗੇ। ਦੱਸ ਦੇਈਏ ਕਿ ਇਸ ਸਾਰਾ ਪ੍ਰਾਜੈਕਟ 30 ਕਰੋੜ ਰੁਪਏ ਦਾ ਹੈ ਜਿਸ ਵਿਚੋਂ 60 ਫੀਸਦੀ ਰਕਮ ਕੇਂਦਰ ਵੱਲੋਂ ਤੇ 40 ਫੀਸਦੀ ਰਕਮ ਸੂਬਾ ਸਰਕਾਰ ਵੱਲੋਂ ਖਰਚ ਕੀਤੀ ਜਾਵੇਗੀ। ਯਾਨੀ ਕਿ 18 ਕਰੋੜ ਰੁਪਏ ਕੇਂਦਰ ਵੱਲੋਂ ਖਰਚ ਕੀਤੇ ਜਾ ਰਹੇ ਹਨ ਤੇ 12 ਕਰੋੜ ਰੁਪਏ ਮਾਨ ਸਰਕਾਰ ਵੱਲੋਂ ਖਰਚੇ ਜਾਣਗੇ।
ਆਪ ਵਿਧਾਇਕਾਂ ਦਾ ਸਨਮਾਨ...
ਕਰਨ ਦੇ ਦੋਸ਼ ਹੇਠ ਸਖ਼ਤ ਕਰਵਾਈ ਕੀਤੀ ਜਾਵੇਗੀ। ਜ਼ਿਕਰਯੋਗ ਹੈ ਕਿ ਹਾਲ ਹੀ ਵਿੱਚ ਚੰਡੀਗੜ੍ਹ ਵਿੱਚ ਆਮ ਆਦਮੀ ਪਾਰਟੀ ਦੇ ਵਿਧਾਇਕਾਂ ਦਾ ਸਨਮਾਨ ਕੀਤਾ ਗਿਆ ਸੀ।
ਮਜੀਠੀਆ ਨੇ ਚੰਨੀ 'ਤੇ ਪੁਲਿਸ...
ਅੰਦਰਖਾਤੇ ਸਮਝੌਤਾ ਹੋ ਗਿਆ ਹੈ ਤੇ ਇਸੇ ਕਾਰਨ ਪੁਲਿਸ ਵੱਲੋਂ ਇਸ ਕੇਸ ਵਿਚ ਕੋਈ ਕਾਰਵਾਈ ਨਹੀਂ ਕੀਤੀ ਜਾ ਰਹੀ। ਕੇਸ ਦੇ ਵੇਰਵੇ ਸਾਂਝੇ ਕਰਦਿਆਂ ਮਜੀਠੀਆ ਨੇ ਕਿਹਾ ਕਿ ਚਾਰ ਸਾਬਕਾ ਫੌਜੀਆਂ ਨੇ ਚੰਨੀ ਦੇ ਕਰੀਬੀ ਦਲਜੀਤ ਸਿੰਘ ਕੋਲ ਪਹੁੰਚ ਕੀਤੀ ਜਿਸਨੇ ਵਾਅਦਾ ਕੀਤਾ ਕਿ ਉਹਨਾਂ ਨੂੰ ਪੰਜਾਬ ਪੁਲਿਸ ਵਿਚ ਸਬ ਇੰਸਪੈਕਟਰ ਭਰਤੀ ਕਰਵਾਇਆ ਜਾਵੇਗਾ। ਤੇ ਬੱਚਿਤਰ ਸਿੰਘ ਨੇ 5 ਲੱਖ ਰੁਪਏ ਤੇ 3.70 ਰੁਪਏ ਅਦਾ ਕੀਤੇ। ਉਹਨਾਂ ਇਹ ਵੀ ਦੱਸਿਆ ਕਿ ਕਿਵੇਂ ਚੰਨੀ ਦੇ ਕਰੀਬੀ ਰੋਬਿਨ ਨੇ ਉਹਨਾਂ ਤੋਂ ਪੈਸੇ ਇਕੱਤਰ ਕੀਤੇ, ਉਸਦਾ ਵੀਡੀਓਗ੍ਰਾਫਿਕ ਸਬੂਤ ਵੀ ਮੌਜੂਦ ਹੈ ਹੋਰ ਵੇਰਵੇ ਸਾਂਝੇ ਕਰਦਿਆਂ ਗੁਰਮੇਲ ਸਿੰਘ ਨੇ ਦੱਸਿਆ ਕਿ ਉਹ ਅਪ੍ਰੈਲ 2021 ਅਤੇ ਨਵੰਬਰ 2021 ਵਿਚ ਚੰਨੀ ਨੂੰ ਮਿਲੇ ਸਨ ਤੇ ਬਾਅਦ ਵਿਚ ਚੰਨੀ ਨੇ ਸਾਬਕਾ ਫੌਜੀਆਂ ਨੂੰ ਡੀ ਜੀ ਪੀ ਦਫਤਰ ਤੋਂ ਇਕ ਪਾਸ ਜਾਰੀ ਕੀਤਾ ਤਾਂ ਜੋ ਉਹ 10 ਨਵੰਬਰ 2023 ਨੂੰ ਡੀ ਜੀ ਪੀ ਨੂੰ ਮਿਲ ਸਕਣ। ਬੀ ਕੇ ਯੂ ਉਗਰਾਹਾਂ ਗਰੁੱਪ ਨੇ ਸਾਡੀਆਂ ਮੰਗਾਂ ਦੇ ਹੱਕ ਵਿਚ ਧਰਨਾ ਦਿੱਤਾ ਪਰ ਹਾਲੇ ਵੀ ਸਾਬਕਾ ਮੁੱਖ ਮੰਤਰੀ ਦਾ ਨਾਂ ਐਫ ਆਈ ਆਰ ਵਿਚ ਸ਼ਾਮਲ ਨਹੀਂ ਕੀਤਾ ਜਾ ਰਿਹਾ।
ਬੁੱਚੜਾਂ ਨੂੰ ਕਤਲ ਕਰਨ...
ਮਾਰ ਦਿੱਤੇ। ਇਨ੍ਹਾਂ ਕੂਕਿਆਂ ਵਿੱਚੋਂ ਮੰਗਲ ਸਿੰਘ, ਮਸਤਾਨ ਸਿੰਘ, ਸਰਮੁੱਖ ਸਿੰਘ, ਗੁਲਾਬ ਸਿੰਘ ਤੇ ਕਈ ਹੋਰ ਫੜੇ ਗਏ। ਉਨ੍ਹਾਂ ਨੇ ਅੰਮ੍ਰਿਤਸਰ ਦੇ ਬੁੱਚੜਾਂ ਦੇ ਕਾਤਲਾਂ ਦੇ ਵੀ ਨਾਮ ਦੱਸ ਦਿੱਤੇ। 5 ਅਗਸਤ 1871 ਦੇ ਦਿਨ ਇਨ੍ਹਾਂ ਕੂਕਿਆਂ ਨੂੰ ਜਨਤਕ ਫ਼ਾਂਸੀ ਦੇ ਦਿੱਤੀ ਗਈ।
ਜਿਨਾਹ ਨੇ ਕਿਹਾ "ਸਿੱਖ ...
ਨੇ ਰਾਜਾ ਜੀ ਦੇ ਇਸ ਬਿਆਨ ਦੀ ਵਿਰੋਧਤਾ ਲਈ ਆਲ ਪਾਰਟੀ ਕਾਨਫਰੰਸ ਬੁਲਾ ਲਈ। ਇਸ 'ਚ ਅਕਾਲੀ ਦਲ ਨੇ "ਰਾਜਾ ਜੀ ਵਿਰੋਧੀ ਦਿਵਸ" ਮਨਾਉਣ ਦਾ ਐਲਾਨ ਕੀਤਾ। ਅਕਾਲੀਆਂ ਦਾ ਵਿਰੋਧ ਦੇਖ ਕੇ ਜਿਨਾਹ ਨੇ ਅਕਾਲੀਆਂ ਨੂੰ ਥਾਪੜਾ ਦੇਣ ਦੀ ਕੋਸ਼ਿਸ਼ ਕੀਤੀ। 5 ਅਗਸਤ 1944 ਨੂੰ ਉਸਨੇ ਆਖਿਆ ਕਿ , ਸਿੱਖ ਇੱਕ ਵੱਖਰੀ ਕੌਮ ਹਨ।
ਪੰਜਾਬ ਪੁਲਿਸ ਨੇ ਅਵਤਾਰ ਸਿੰਘ...
ਤੇ ਬੇਤਹਾਸ਼ਾ ਜ਼ਾਲਮਾਨ ਵਹਿਸੀਆਨਾ ਤਸ਼ੱਦਦ ਕੀਤਾ ਗਿਆ। ਗਰਮ ਪ੍ਰੈਸ ਨਾਲ ਉਸਦੇ ਸਰੀਰ ਨੂੰ ਸਾੜ੍ਹ ਦਿੱਤਾ ਗਿਆ। ਲੋਕਾਂ ਨੇ ਘੇਰਾ ਪਾ ਕੇ ਉਸਦੀ ਲਾਸ਼ ਬਰਾਮਦ ਕੀਤੀ। ਲਾਸ਼ ਲਗਭਗ ਝੁਲਸੀ ਹੋਈ ਸੀ। ਅਗਲੇ ਦਿਨ ਇਸ ਲਾਸ਼ ਦੀ ਫੋਟੋਆਂ ਦੁਨੀਆ ਭਰ 'ਚ ਛਪੀਆਂ। ਪਰ ਕਿਸੇ ਬਾਹਰਲੀ ਹਕੂਮਤ ਨੇ ਸਿੱਖਾਂ ਦੇ ਹੱਕ 'ਚ ਹਾਅ ਦਾ ਨਾਅਰਾ ਨਾ ਮਾਰਿਆ।
ਪਹਿਲਾ ਆਪਣਿਆਂ ਲਈ ...
ਸਿੱਖੀ ਦੀ ਅਸਲ ਸ਼ਾਨ ਅਤੇ ਪਛਾਣ ਇਸ ਗੱਲ ਵਿੱਚ ਹੈ ਕਿ ਅਸੀਂ ਪਹਿਲਾਂ ਆਪਣਿਆਂ ਦੀ ਸਾਰ ਲਈਏ।
Editor, Printer and Publisher Jaspal Singh Heran on behalf of Pehredar Social Welfare Society Regd. 230/2008-2009 Printed at: Impression Printing & Packaging (Ltd.) Plot No. 22 Phase-2 Industrial Area Panchkula (Haryana) 134109 & Published From Pehredar 1731, Near Railway Phatak Tehsil road Jagraon (Ludhiana) 142026
